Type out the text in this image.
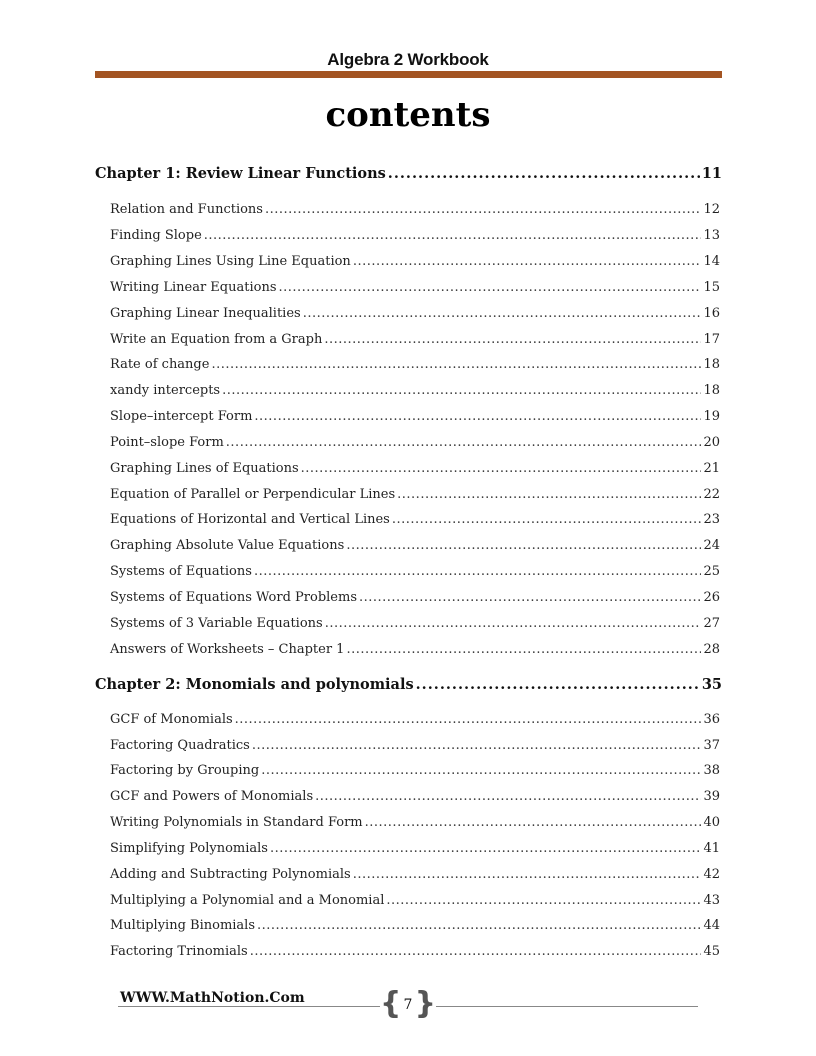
Algebra 2 Workbook
contents
Chapter 1: Review Linear Functions .....	11
Relation and Functions .....	12
Finding Slope .....	13
Graphing Lines Using Line Equation .....	14
Writing Linear Equations .....	15
Graphing Linear Inequalities .....	16
Write an Equation from a Graph .....	17
Rate of change .....	18
xandy intercepts .....	18
Slope–intercept Form .....	19
Point–slope Form .....	20
Graphing Lines of Equations .....	21
Equation of Parallel or Perpendicular Lines .....	22
Equations of Horizontal and Vertical Lines .....	23
Graphing Absolute Value Equations .....	24
Systems of Equations .....	25
Systems of Equations Word Problems .....	26
Systems of 3 Variable Equations .....	27
Answers of Worksheets – Chapter 1 .....	28
Chapter 2: Monomials and polynomials .....	35
GCF of Monomials .....	36
Factoring Quadratics .....	37
Factoring by Grouping .....	38
GCF and Powers of Monomials .....	39
Writing Polynomials in Standard Form .....	40
Simplifying Polynomials .....	41
Adding and Subtracting Polynomials .....	42
Multiplying a Polynomial and a Monomial .....	43
Multiplying Binomials .....	44
Factoring Trinomials .....	45
WWW.MathNotion.Com	{ 7 }
